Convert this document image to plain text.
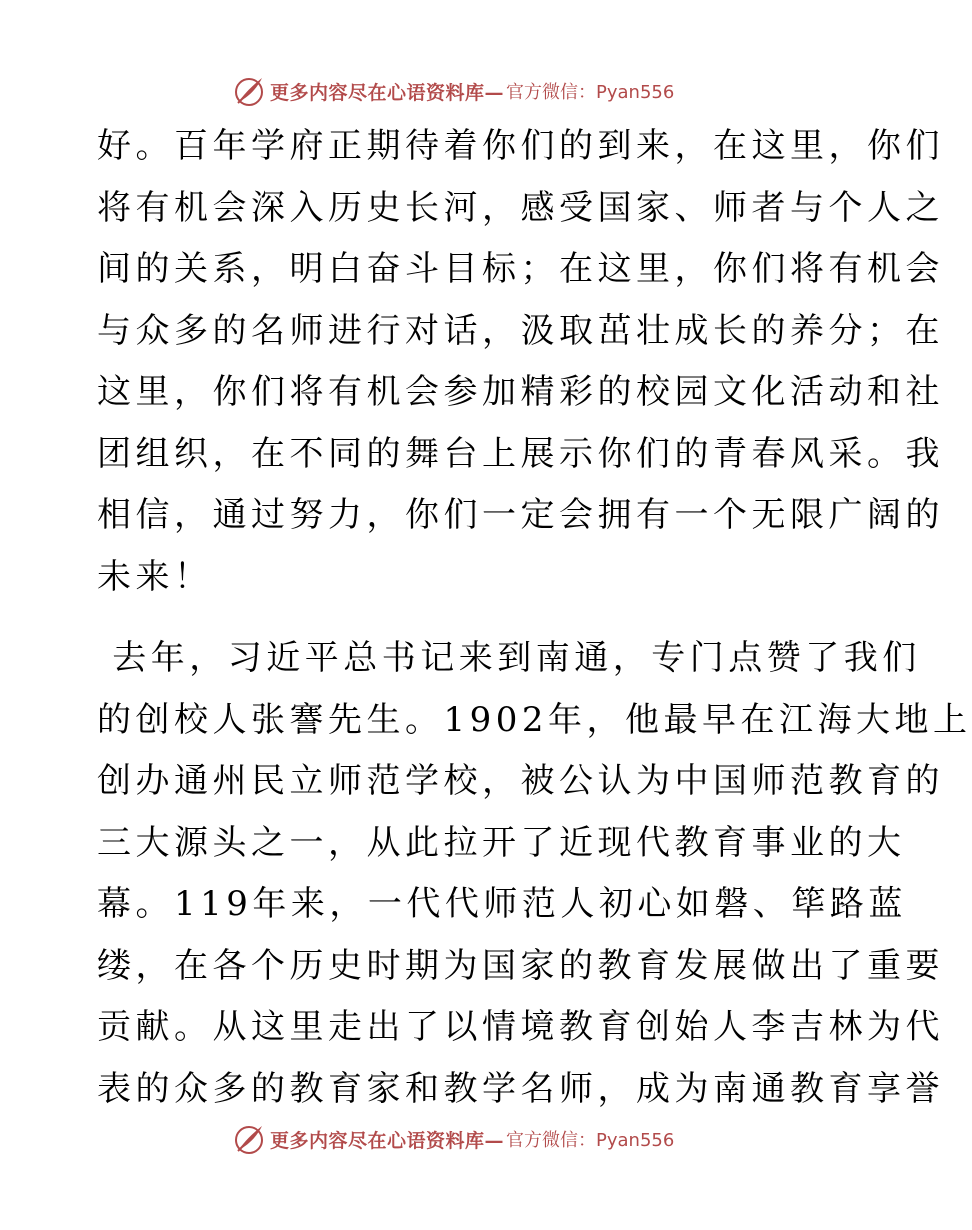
更多内容尽在心语资料库— 官方微信：Pyan556
好。百年学府正期待着你们的到来，在这里，你们
将有机会深入历史长河，感受国家、师者与个人之
间的关系，明白奋斗目标；在这里，你们将有机会
与众多的名师进行对话，汲取茁壮成长的养分；在
这里，你们将有机会参加精彩的校园文化活动和社
团组织，在不同的舞台上展示你们的青春风采。我
相信，通过努力，你们一定会拥有一个无限广阔的
未来！
去年，习近平总书记来到南通，专门点赞了我们
的创校人张謇先生。1902年，他最早在江海大地上
创办通州民立师范学校，被公认为中国师范教育的
三大源头之一，从此拉开了近现代教育事业的大
幕。119年来，一代代师范人初心如磐、筚路蓝
缕，在各个历史时期为国家的教育发展做出了重要
贡献。从这里走出了以情境教育创始人李吉林为代
表的众多的教育家和教学名师，成为南通教育享誉
更多内容尽在心语资料库— 官方微信：Pyan556
